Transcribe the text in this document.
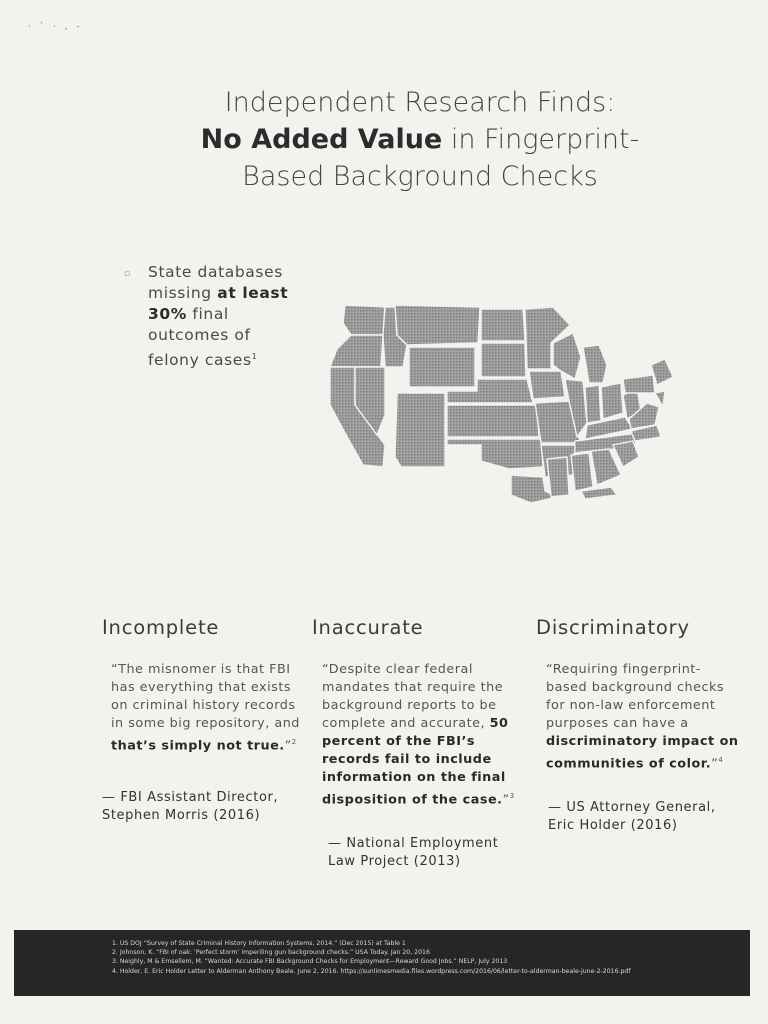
· ` · , ‐
Independent Research Finds:
No Added Value in Fingerprint-
Based Background Checks
▫	State databases missing at least 30% final outcomes of felony cases$^1$
Incomplete
“The misnomer is that FBI has everything that exists on criminal history records in some big repository, and that’s simply not true.”$^2$
— FBI Assistant Director,
Stephen Morris (2016)
Inaccurate
“Despite clear federal mandates that require the background reports to be complete and accurate, 50 percent of the FBI’s records fail to include information on the final disposition of the case.”$^3$
— National Employment
Law Project (2013)
Discriminatory
“Requiring fingerprint-based background checks for non-law enforcement purposes can have a discriminatory impact on communities of color.”$^4$
— US Attorney General,
Eric Holder (2016)
1. US DOJ “Survey of State Criminal History Information Systems, 2014.” (Dec 2015) at Table 1
2. Johnson, K. “FBI of oak: ‘Perfect storm’ imperiling gun background checks.” USA Today. Jan 20, 2016
3. Neighly, M & Emsellem, M. “Wanted: Accurate FBI Background Checks for Employment—Reward Good Jobs.” NELP, July 2013
4. Holder, E. Eric Holder Letter to Alderman Anthony Beale. June 2, 2016. https://sunlimesmedia.files.wordpress.com/2016/06/letter-to-alderman-beale-june-2-2016.pdf
